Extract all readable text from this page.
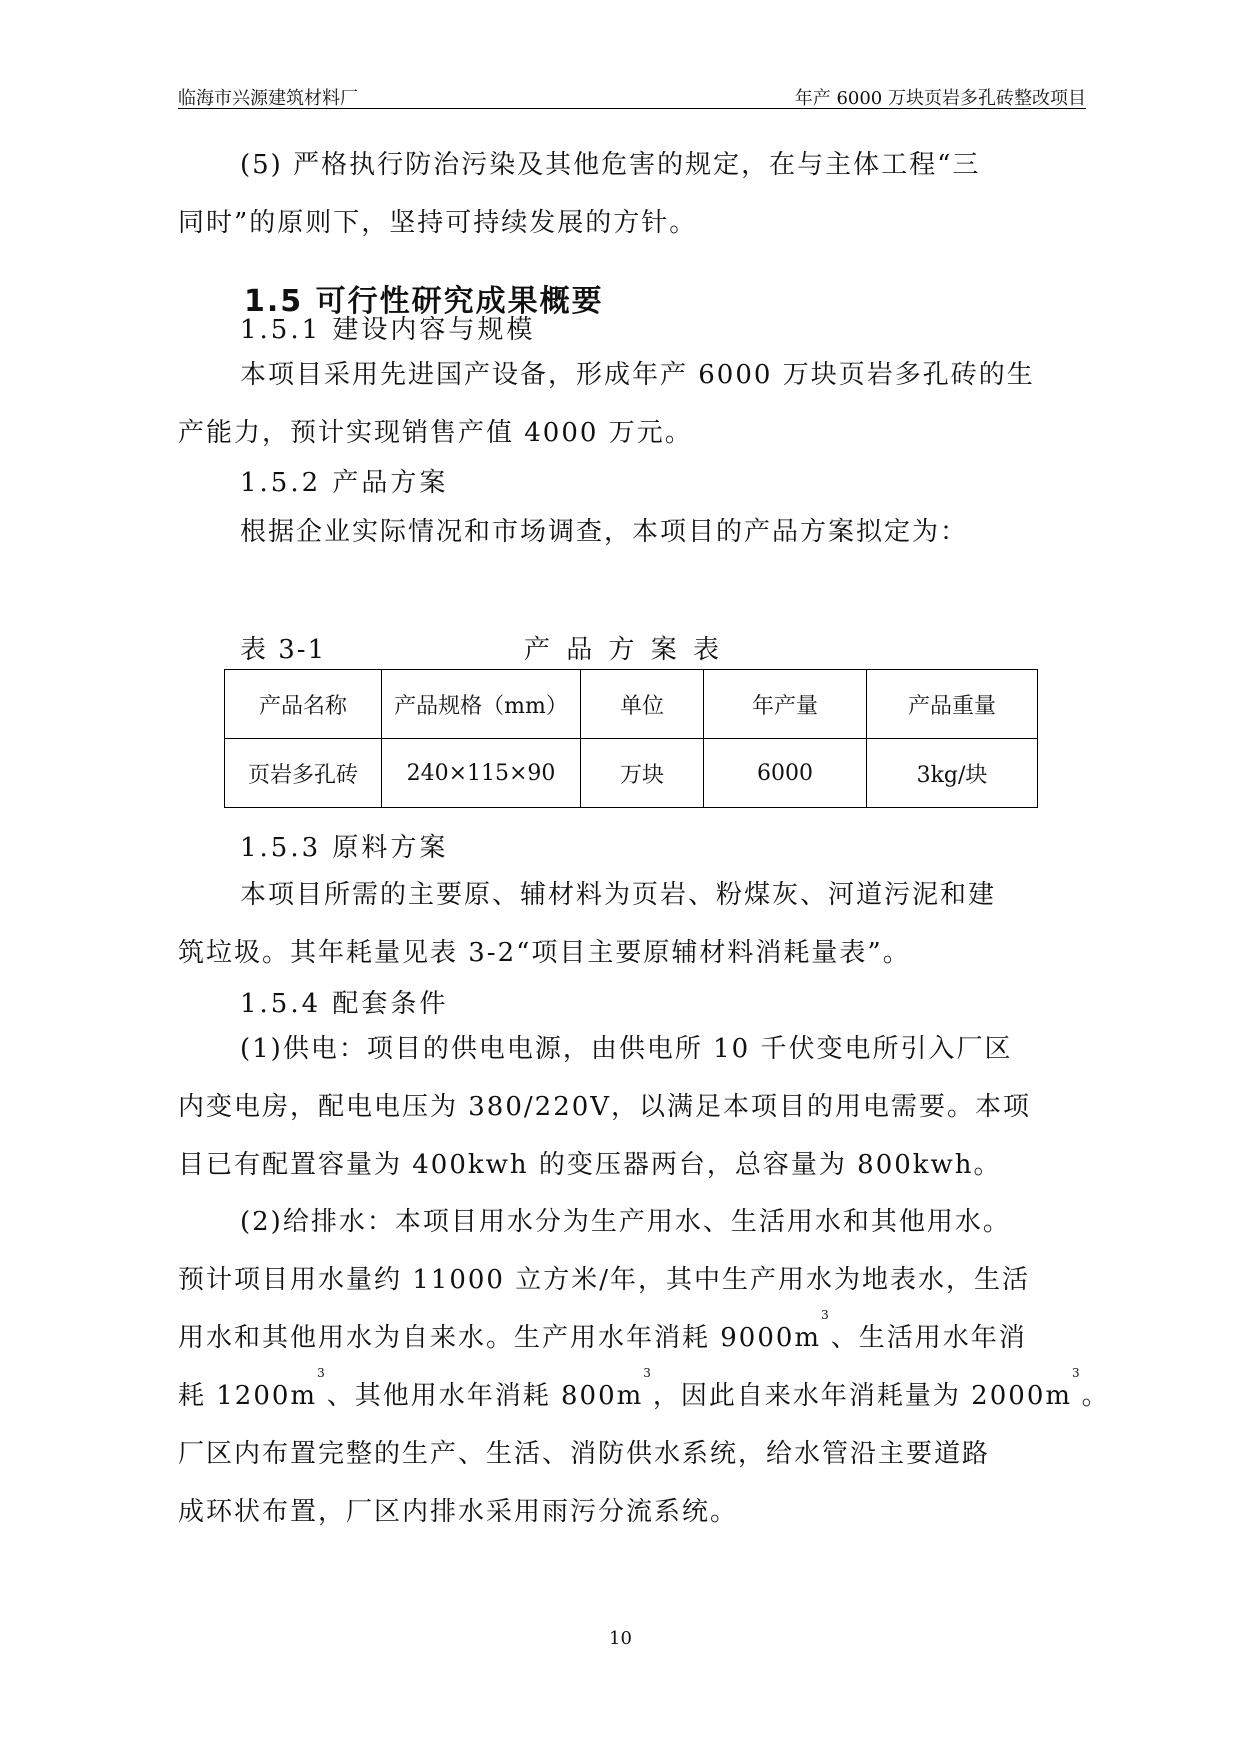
临海市兴源建筑材料厂	年产 6000 万块页岩多孔砖整改项目
(5) 严格执行防治污染及其他危害的规定，在与主体工程“三
同时”的原则下，坚持可持续发展的方针。
1.5 可行性研究成果概要

1.5.1 建设内容与规模

本项目采用先进国产设备，形成年产 6000 万块页岩多孔砖的生
产能力，预计实现销售产值 4000 万元。

1.5.2 产品方案

根据企业实际情况和市场调查，本项目的产品方案拟定为：
表 3-1	产 品 方 案 表
产品名称	产品规格（mm）	单位	年产量	产品重量
页岩多孔砖	240×115×90	万块	6000	3kg/块

1.5.3 原料方案

本项目所需的主要原、辅材料为页岩、粉煤灰、河道污泥和建
筑垃圾。其年耗量见表 3-2“项目主要原辅材料消耗量表”。

1.5.4 配套条件

(1)供电：项目的供电电源，由供电所 10 千伏变电所引入厂区
内变电房，配电电压为 380/220V，以满足本项目的用电需要。本项
目已有配置容量为 400kwh 的变压器两台，总容量为 800kwh。
(2)给排水：本项目用水分为生产用水、生活用水和其他用水。
预计项目用水量约 11000 立方米/年，其中生产用水为地表水，生活
用水和其他用水为自来水。生产用水年消耗 $9000m^3$、生活用水年消
耗 $1200m^3$、其他用水年消耗 $800m^3$，因此自来水年消耗量为 $2000m^3$。
厂区内布置完整的生产、生活、消防供水系统，给水管沿主要道路
成环状布置，厂区内排水采用雨污分流系统。
10
